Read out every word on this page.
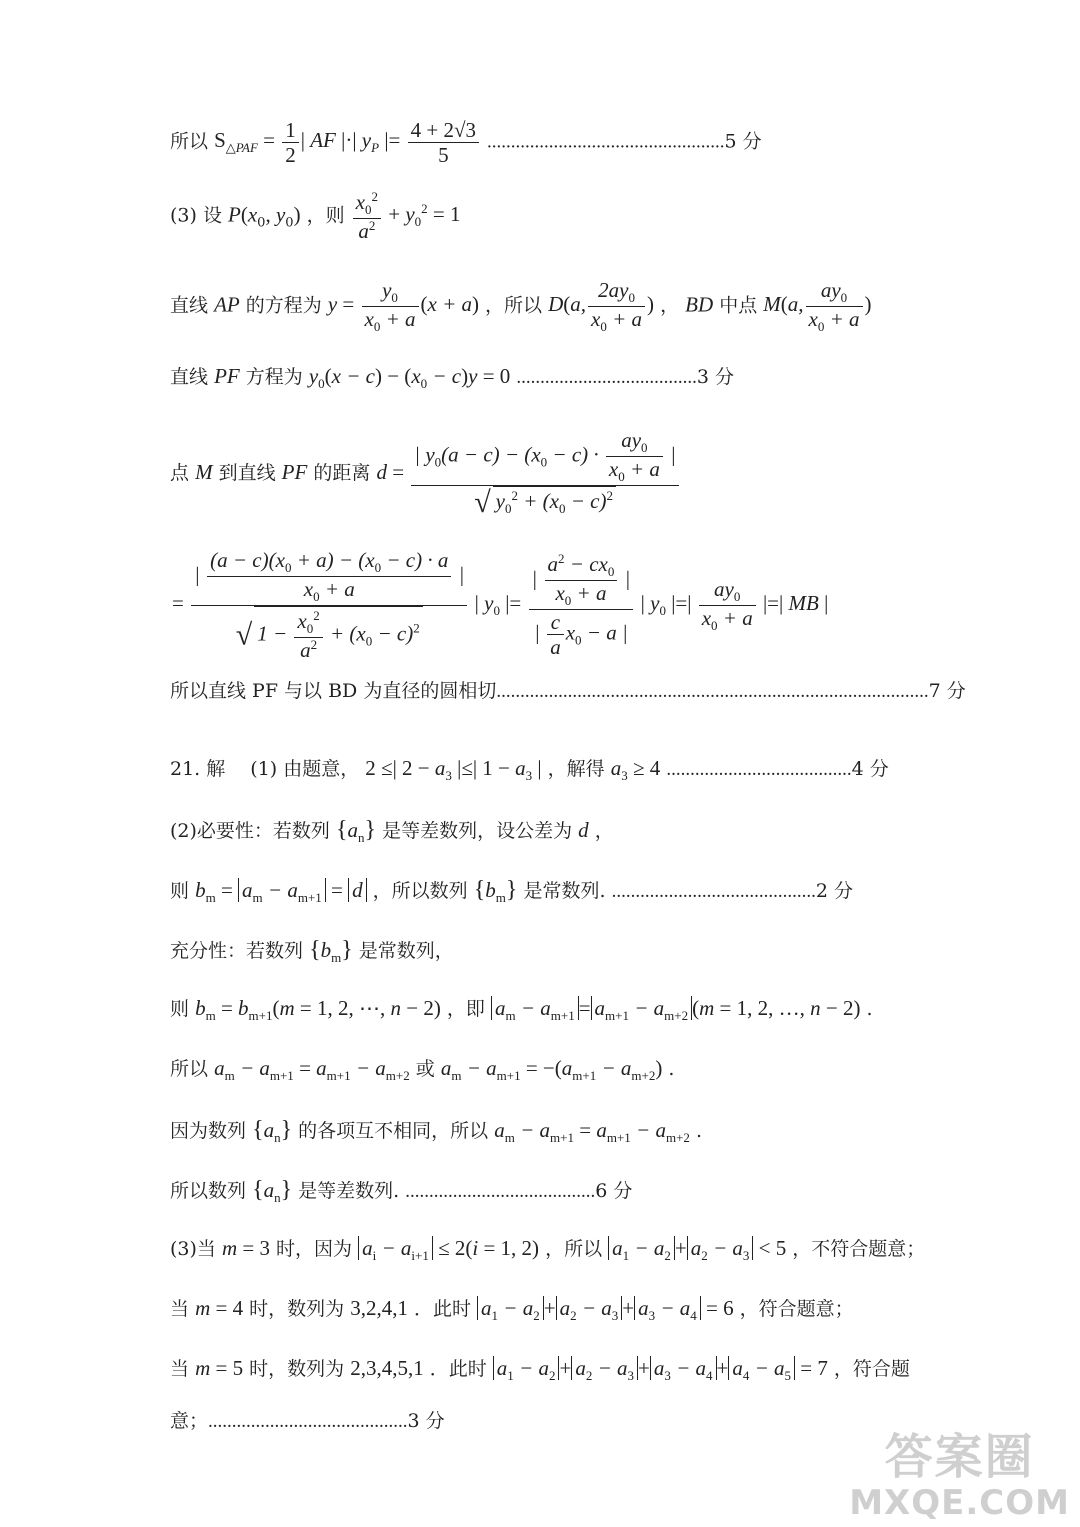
所以 $S_{\triangle PAF} = \frac{1}{2}$ | AF |·| $y_P$ |= $\frac{4 + 2√3}{5} ..................................................5$ 分
(3) 设 $P(x_0$, $y_0$) ，则 $\frac{x_0^2}{a^2} + y_0^2 = 1$
直线 AP 的方程为 $y = \frac{y_0}{x_0 + a} (x + a)$ ，所以 D(a, $\frac{2ay_0}{x_0 + a}$ ) ， BD 中点 M(a, $\frac{ay_0}{x_0 + a}$ )
直线 PF 方程为 $y_0(x - c) - (x_0 - c)y = 0$ ......................................3 分
点 M 到直线 PF 的距离 $d = \frac{| y_0(a - c) - (x_0 - c) \cdot \frac{ay_0}{x_0 + a} |}{√ y_0^2 + (x_0 - c)^2}$
= $\frac{| \frac{(a - c)(x_0 + a) - (x_0 - c) \cdot a}{x_0 + a} |}{√ 1 - \frac{x_0^2}{a^2} + (x_0 - c)^2}$ | $y_0$ |= $\frac{| \frac{a^2 - cx_0}{x_0 + a} |}{| \frac{c}{a} x_0 - a |}$ | $y_0$ |=| $\frac{ay_0}{x_0 + a}$ |=| MB |
所以直线 PF 与以 BD 为直径的圆相切...........................................................................................7 分
21. 解　 (1) 由题意， 2 ≤| $2 - a_3$ |≤| $1 - a_3$ | ，解得 $a_3 \ge 4$ .......................................4 分
(2)必要性：若数列 $\{a_n\}$ 是等差数列，设公差为 d ，
则 $b_m = a_m - a_{m+1} = d$ ，所以数列 $\{b_m\}$ 是常数列. ...........................................2 分
充分性：若数列 $\{b_m\}$ 是常数列，
则 $b_m = b_{m+1}(m = 1$, 2, ⋯, n − 2) ，即 $a_m - a_{m+1} = a_{m+1} - a_{m+2}$ (m = 1, 2, …, n − 2) .
所以 $a_m - a_{m+1} = a_{m+1} - a_{m+2}$ 或 $a_m - a_{m+1} = -(a_{m+1} - a_{m+2})$ .
因为数列 $\{a_n\}$ 的各项互不相同，所以 $a_m - a_{m+1} = a_{m+1} - a_{m+2}$ .
所以数列 $\{a_n\}$ 是等差数列. ........................................6 分
(3)当 m = 3 时，因为 $a_i - a_{i+1} \le 2(i = 1$, 2) ，所以 $a_1 - a_2 + a_2 - a_3 < 5$ ，不符合题意；
当 m = 4 时，数列为 3,2,4,1 ．此时 $a_1 - a_2 + a_2 - a_3 + a_3 - a_4 = 6$ ，符合题意；
当 m = 5 时，数列为 2,3,4,5,1 ．此时 $a_1 - a_2 + a_2 - a_3 + a_3 - a_4 + a_4 - a_5 = 7$ ，符合题
意；..........................................3 分
答案圈
MXQE.COM
